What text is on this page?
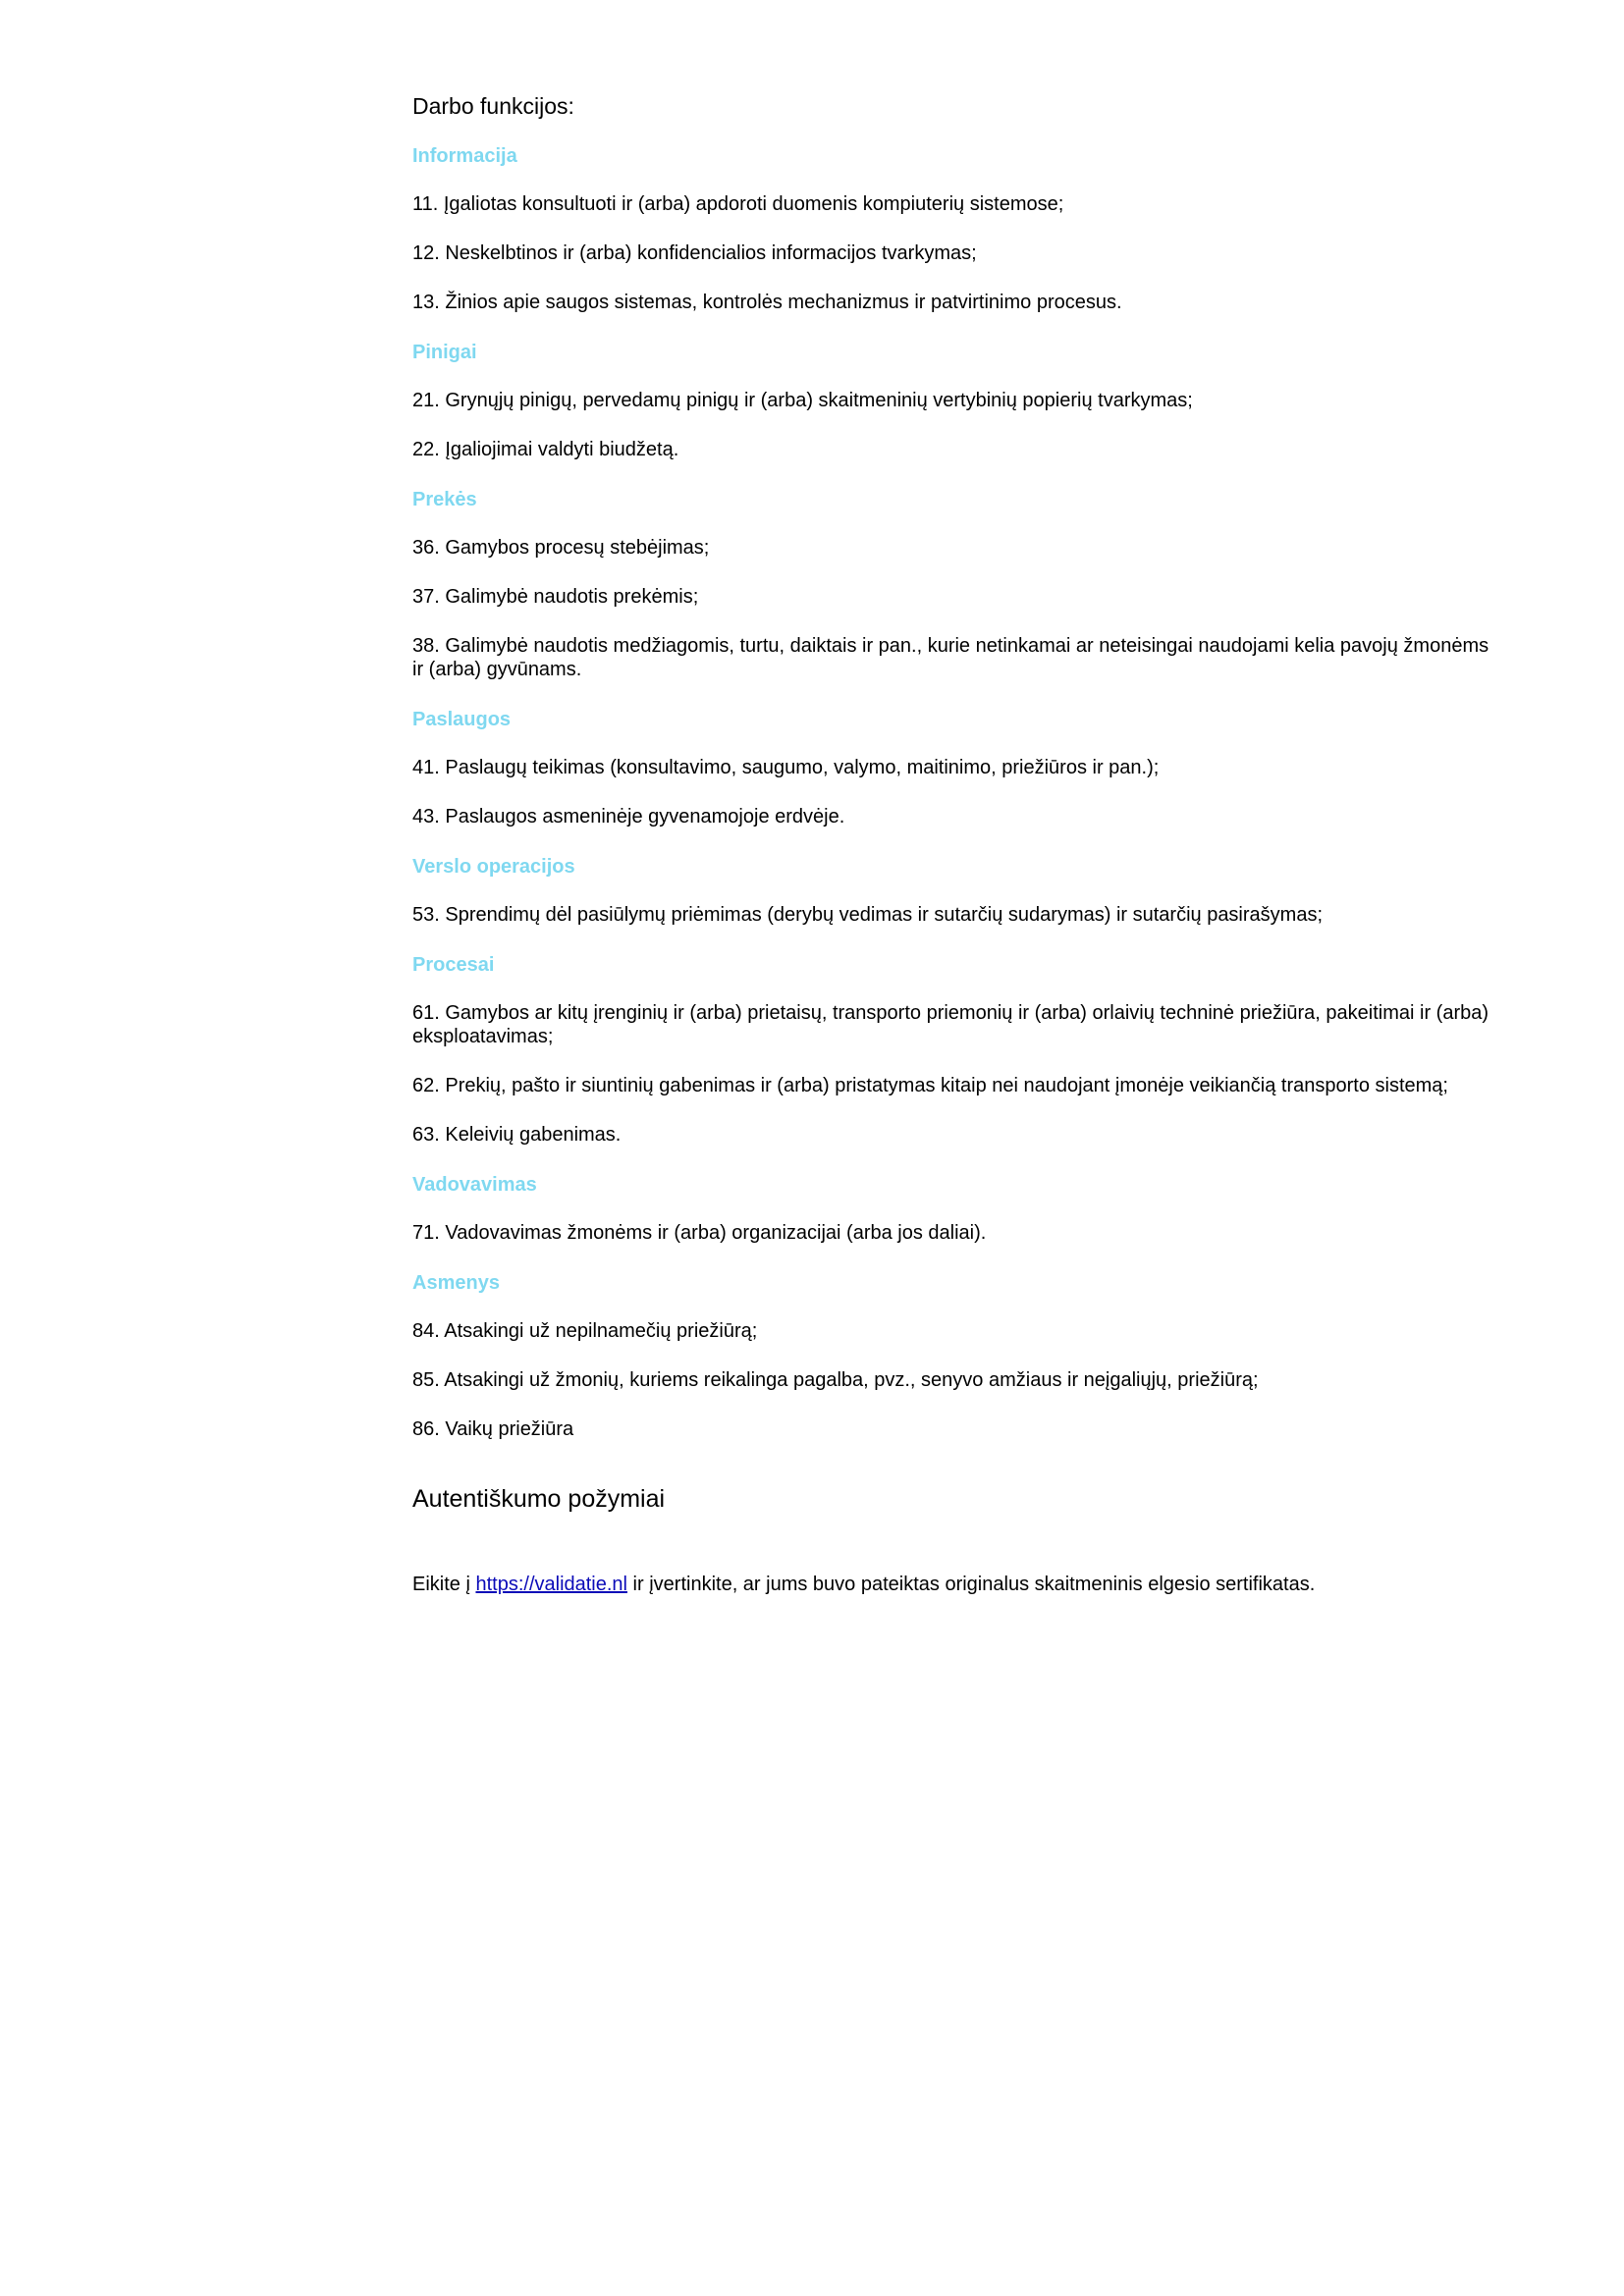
Darbo funkcijos:
Informacija

11. Įgaliotas konsultuoti ir (arba) apdoroti duomenis kompiuterių sistemose;

12. Neskelbtinos ir (arba) konfidencialios informacijos tvarkymas;

13. Žinios apie saugos sistemas, kontrolės mechanizmus ir patvirtinimo procesus.

Pinigai

21. Grynųjų pinigų, pervedamų pinigų ir (arba) skaitmeninių vertybinių popierių tvarkymas;

22. Įgaliojimai valdyti biudžetą.

Prekės

36. Gamybos procesų stebėjimas;

37. Galimybė naudotis prekėmis;

38. Galimybė naudotis medžiagomis, turtu, daiktais ir pan., kurie netinkamai ar neteisingai naudojami kelia pavojų žmonėms ir (arba) gyvūnams.

Paslaugos

41. Paslaugų teikimas (konsultavimo, saugumo, valymo, maitinimo, priežiūros ir pan.);

43. Paslaugos asmeninėje gyvenamojoje erdvėje.

Verslo operacijos

53. Sprendimų dėl pasiūlymų priėmimas (derybų vedimas ir sutarčių sudarymas) ir sutarčių pasirašymas;

Procesai

61. Gamybos ar kitų įrenginių ir (arba) prietaisų, transporto priemonių ir (arba) orlaivių techninė priežiūra, pakeitimai ir (arba) eksploatavimas;

62. Prekių, pašto ir siuntinių gabenimas ir (arba) pristatymas kitaip nei naudojant įmonėje veikiančią transporto sistemą;

63. Keleivių gabenimas.

Vadovavimas

71. Vadovavimas žmonėms ir (arba) organizacijai (arba jos daliai).

Asmenys

84. Atsakingi už nepilnamečių priežiūrą;

85. Atsakingi už žmonių, kuriems reikalinga pagalba, pvz., senyvo amžiaus ir neįgaliųjų, priežiūrą;

86. Vaikų priežiūra

Autentiškumo požymiai

Eikite į https://validatie.nl ir įvertinkite, ar jums buvo pateiktas originalus skaitmeninis elgesio sertifikatas.
